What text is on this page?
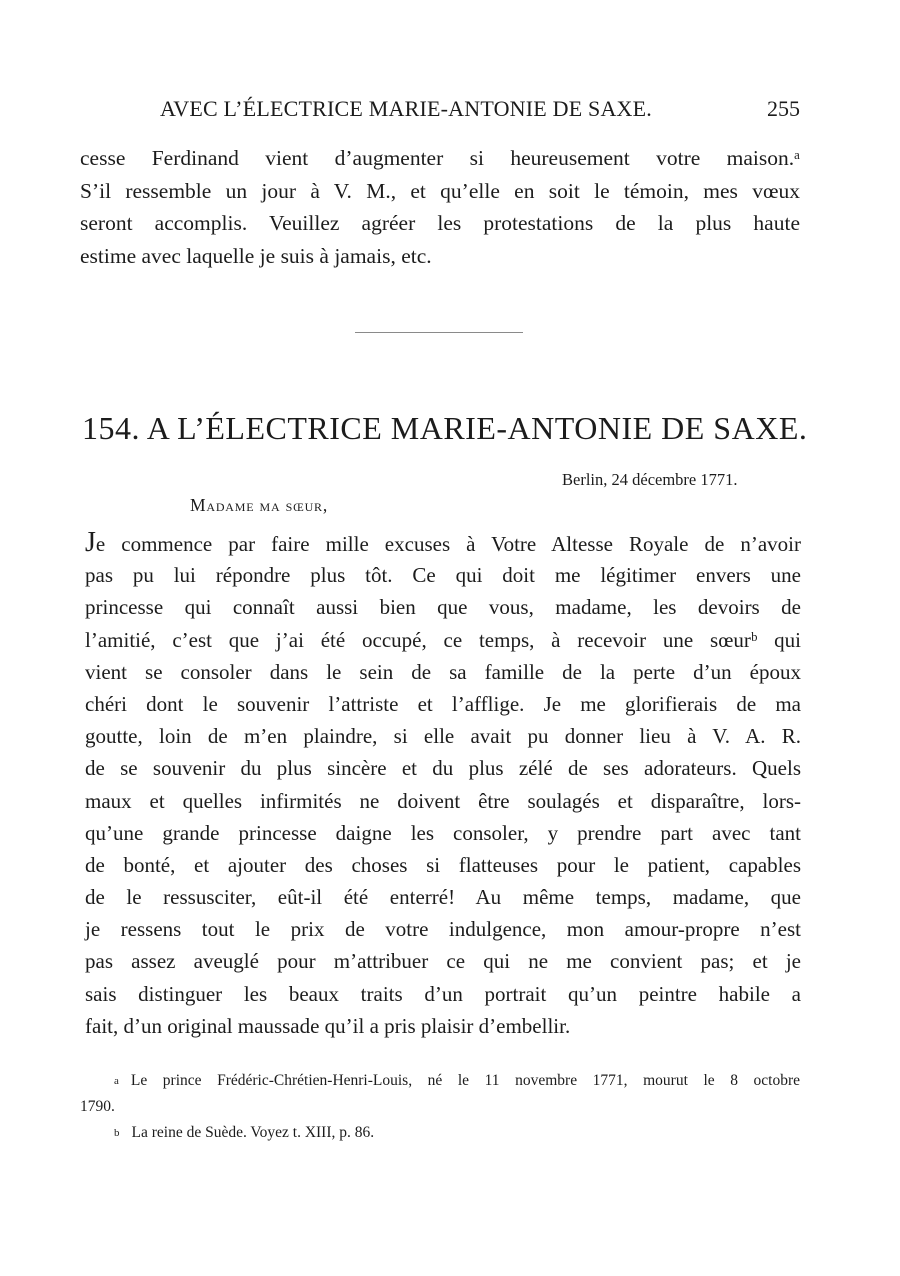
AVEC L’ÉLECTRICE MARIE-ANTONIE DE SAXE.	255
cesse Ferdinand vient d’augmenter si heureusement votre maison.ᵃ
S’il ressemble un jour à V. M., et qu’elle en soit le témoin, mes vœux
seront accomplis. Veuillez agréer les protestations de la plus haute
estime avec laquelle je suis à jamais, etc.
154. A L’ÉLECTRICE MARIE-ANTONIE DE SAXE.
Berlin, 24 décembre 1771.
Madame ma sœur,
Je commence par faire mille excuses à Votre Altesse Royale de n’avoir
pas pu lui répondre plus tôt. Ce qui doit me légitimer envers une
princesse qui connaît aussi bien que vous, madame, les devoirs de
l’amitié, c’est que j’ai été occupé, ce temps, à recevoir une sœurᵇ qui
vient se consoler dans le sein de sa famille de la perte d’un époux
chéri dont le souvenir l’attriste et l’afflige. Je me glorifierais de ma
goutte, loin de m’en plaindre, si elle avait pu donner lieu à V. A. R.
de se souvenir du plus sincère et du plus zélé de ses adorateurs. Quels
maux et quelles infirmités ne doivent être soulagés et disparaître, lors-
qu’une grande princesse daigne les consoler, y prendre part avec tant
de bonté, et ajouter des choses si flatteuses pour le patient, capables
de le ressusciter, eût-il été enterré! Au même temps, madame, que
je ressens tout le prix de votre indulgence, mon amour-propre n’est
pas assez aveuglé pour m’attribuer ce qui ne me convient pas; et je
sais distinguer les beaux traits d’un portrait qu’un peintre habile a
fait, d’un original maussade qu’il a pris plaisir d’embellir.
a Le prince Frédéric-Chrétien-Henri-Louis, né le 11 novembre 1771, mourut le 8 octobre
1790.
b La reine de Suède. Voyez t. XIII, p. 86.
